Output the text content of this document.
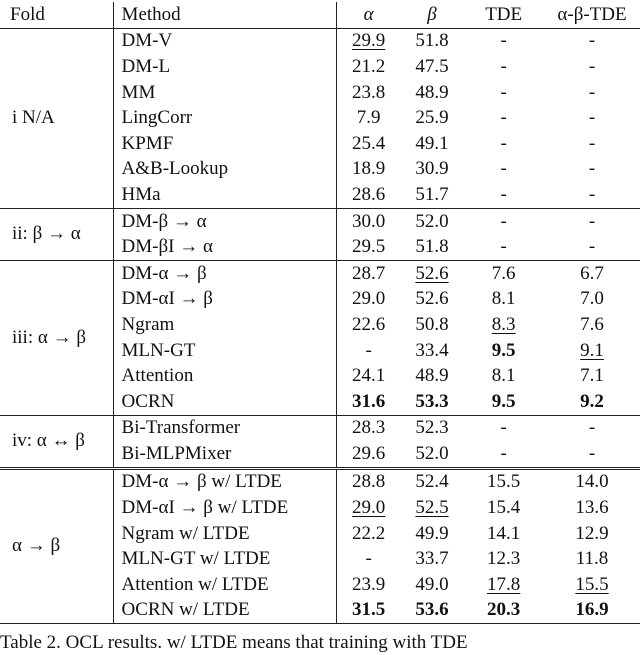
Fold	Method	α	β	TDE	α-β-TDE
i N/A	DM-V	29.9	51.8	-	-
	DM-L	21.2	47.5	-	-
	MM	23.8	48.9	-	-
	LingCorr	7.9	25.9	-	-
	KPMF	25.4	49.1	-	-
	A&B-Lookup	18.9	30.9	-	-
	HMa	28.6	51.7	-	-
ii: β → α	DM-β → α	30.0	52.0	-	-
	DM-βI → α	29.5	51.8	-	-
iii: α → β	DM-α → β	28.7	52.6	7.6	6.7
	DM-αI → β	29.0	52.6	8.1	7.0
	Ngram	22.6	50.8	8.3	7.6
	MLN-GT	-	33.4	9.5	9.1
	Attention	24.1	48.9	8.1	7.1
	OCRN	31.6	53.3	9.5	9.2
iv: α ↔ β	Bi-Transformer	28.3	52.3	-	-
	Bi-MLPMixer	29.6	52.0	-	-
α → β	DM-α → β w/ LTDE	28.8	52.4	15.5	14.0
	DM-αI → β w/ LTDE	29.0	52.5	15.4	13.6
	Ngram w/ LTDE	22.2	49.9	14.1	12.9
	MLN-GT w/ LTDE	-	33.7	12.3	11.8
	Attention w/ LTDE	23.9	49.0	17.8	15.5
	OCRN w/ LTDE	31.5	53.6	20.3	16.9
Table 2. OCL results. w/ LTDE means that training with TDE
